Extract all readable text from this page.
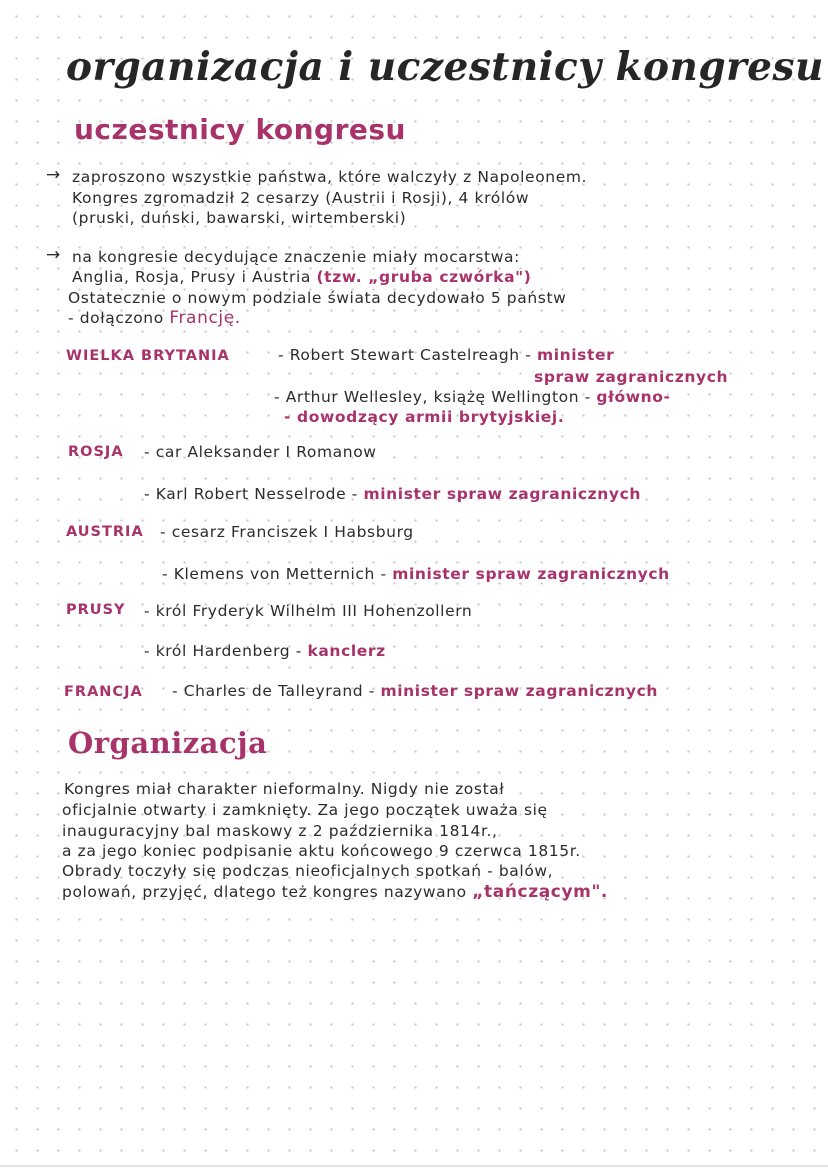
organizacja i uczestnicy kongresu
uczestnicy kongresu
→ zaproszono wszystkie państwa, które walczyły z Napoleonem.
Kongres zgromadził 2 cesarzy (Austrii i Rosji), 4 królów
(pruski, duński, bawarski, wirtemberski)
→ na kongresie decydujące znaczenie miały mocarstwa:
Anglia, Rosja, Prusy i Austria (tzw. „gruba czwórka")
Ostatecznie o nowym podziale świata decydowało 5 państw
- dołączono Francję.
WIELKA BRYTANIA	- Robert Stewart Castelreagh - minister
spraw zagranicznych
- Arthur Wellesley, książę Wellington - główno-
- dowodzący armii brytyjskiej.
ROSJA - car Aleksander I Romanow
- Karl Robert Nesselrode - minister spraw zagranicznych
AUSTRIA - cesarz Franciszek I Habsburg
- Klemens von Metternich - minister spraw zagranicznych
PRUSY - król Fryderyk Wilhelm III Hohenzollern
- król Hardenberg - kanclerz
FRANCJA - Charles de Talleyrand - minister spraw zagranicznych
Organizacja
Kongres miał charakter nieformalny. Nigdy nie został
oficjalnie otwarty i zamknięty. Za jego początek uważa się
inauguracyjny bal maskowy z 2 października 1814r.,
a za jego koniec podpisanie aktu końcowego 9 czerwca 1815r.
Obrady toczyły się podczas nieoficjalnych spotkań - balów,
polowań, przyjęć, dlatego też kongres nazywano „tańczącym".
